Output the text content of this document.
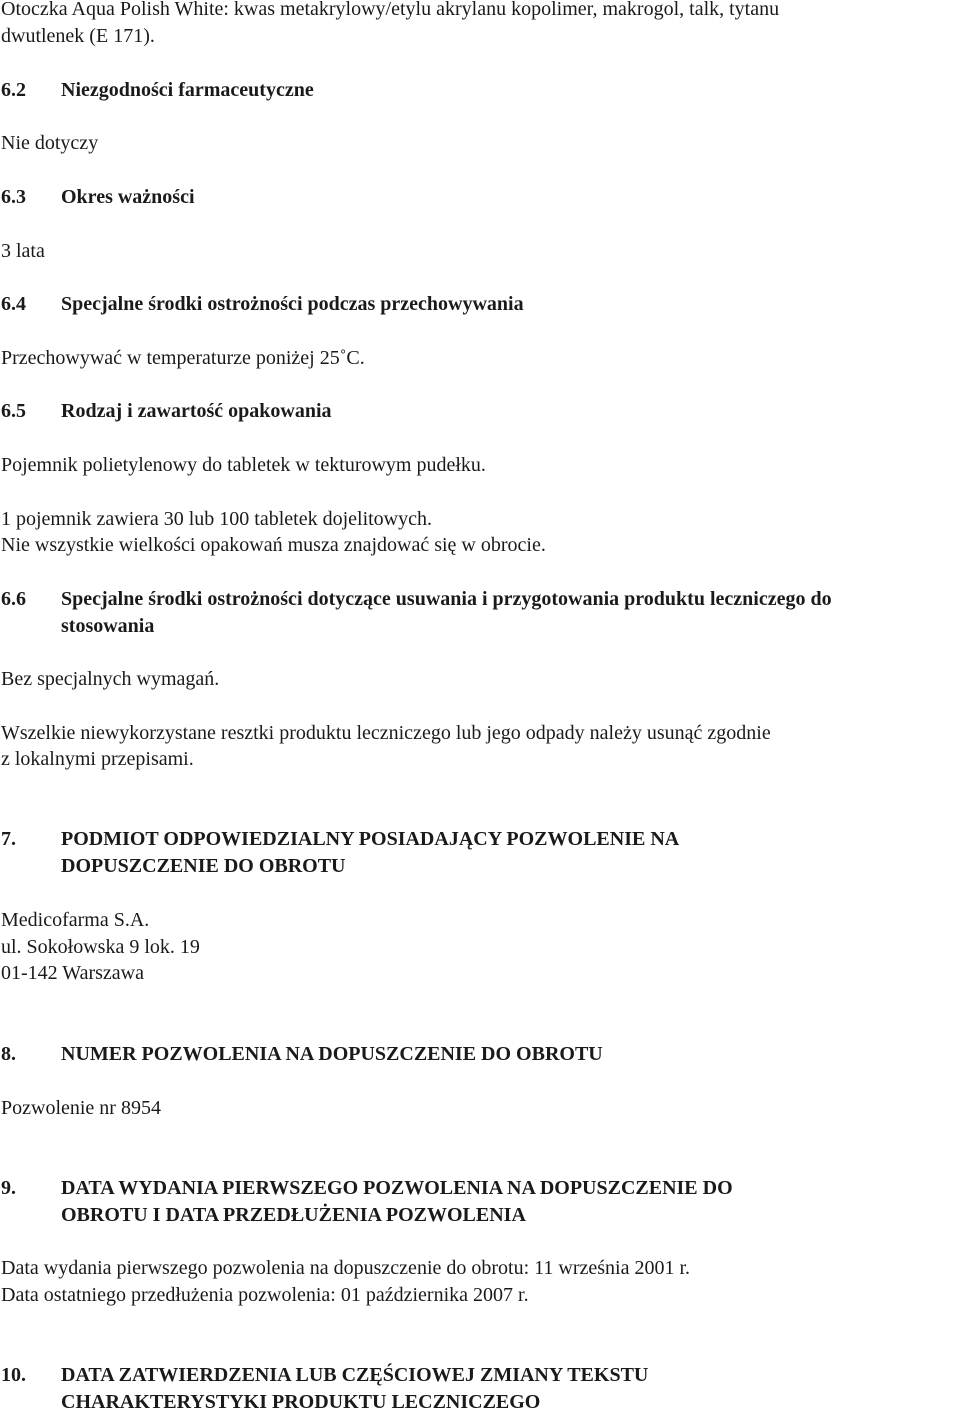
Otoczka Aqua Polish White: kwas metakrylowy/etylu akrylanu kopolimer, makrogol, talk, tytanu
dwutlenek (E 171).
6.2 Niezgodności farmaceutyczne
Nie dotyczy
6.3 Okres ważności
3 lata
6.4 Specjalne środki ostrożności podczas przechowywania
Przechowywać w temperaturze poniżej 25˚C.
6.5 Rodzaj i zawartość opakowania
Pojemnik polietylenowy do tabletek w tekturowym pudełku.
1 pojemnik zawiera 30 lub 100 tabletek dojelitowych.
Nie wszystkie wielkości opakowań musza znajdować się w obrocie.
6.6 Specjalne środki ostrożności dotyczące usuwania i przygotowania produktu leczniczego do
stosowania
Bez specjalnych wymagań.
Wszelkie niewykorzystane resztki produktu leczniczego lub jego odpady należy usunąć zgodnie
z lokalnymi przepisami.
7. PODMIOT ODPOWIEDZIALNY POSIADAJĄCY POZWOLENIE NA
DOPUSZCZENIE DO OBROTU
Medicofarma S.A.
ul. Sokołowska 9 lok. 19
01-142 Warszawa
8. NUMER POZWOLENIA NA DOPUSZCZENIE DO OBROTU
Pozwolenie nr 8954
9. DATA WYDANIA PIERWSZEGO POZWOLENIA NA DOPUSZCZENIE DO
OBROTU I DATA PRZEDŁUŻENIA POZWOLENIA
Data wydania pierwszego pozwolenia na dopuszczenie do obrotu: 11 września 2001 r.
Data ostatniego przedłużenia pozwolenia: 01 października 2007 r.
10. DATA ZATWIERDZENIA LUB CZĘŚCIOWEJ ZMIANY TEKSTU
CHARAKTERYSTYKI PRODUKTU LECZNICZEGO
